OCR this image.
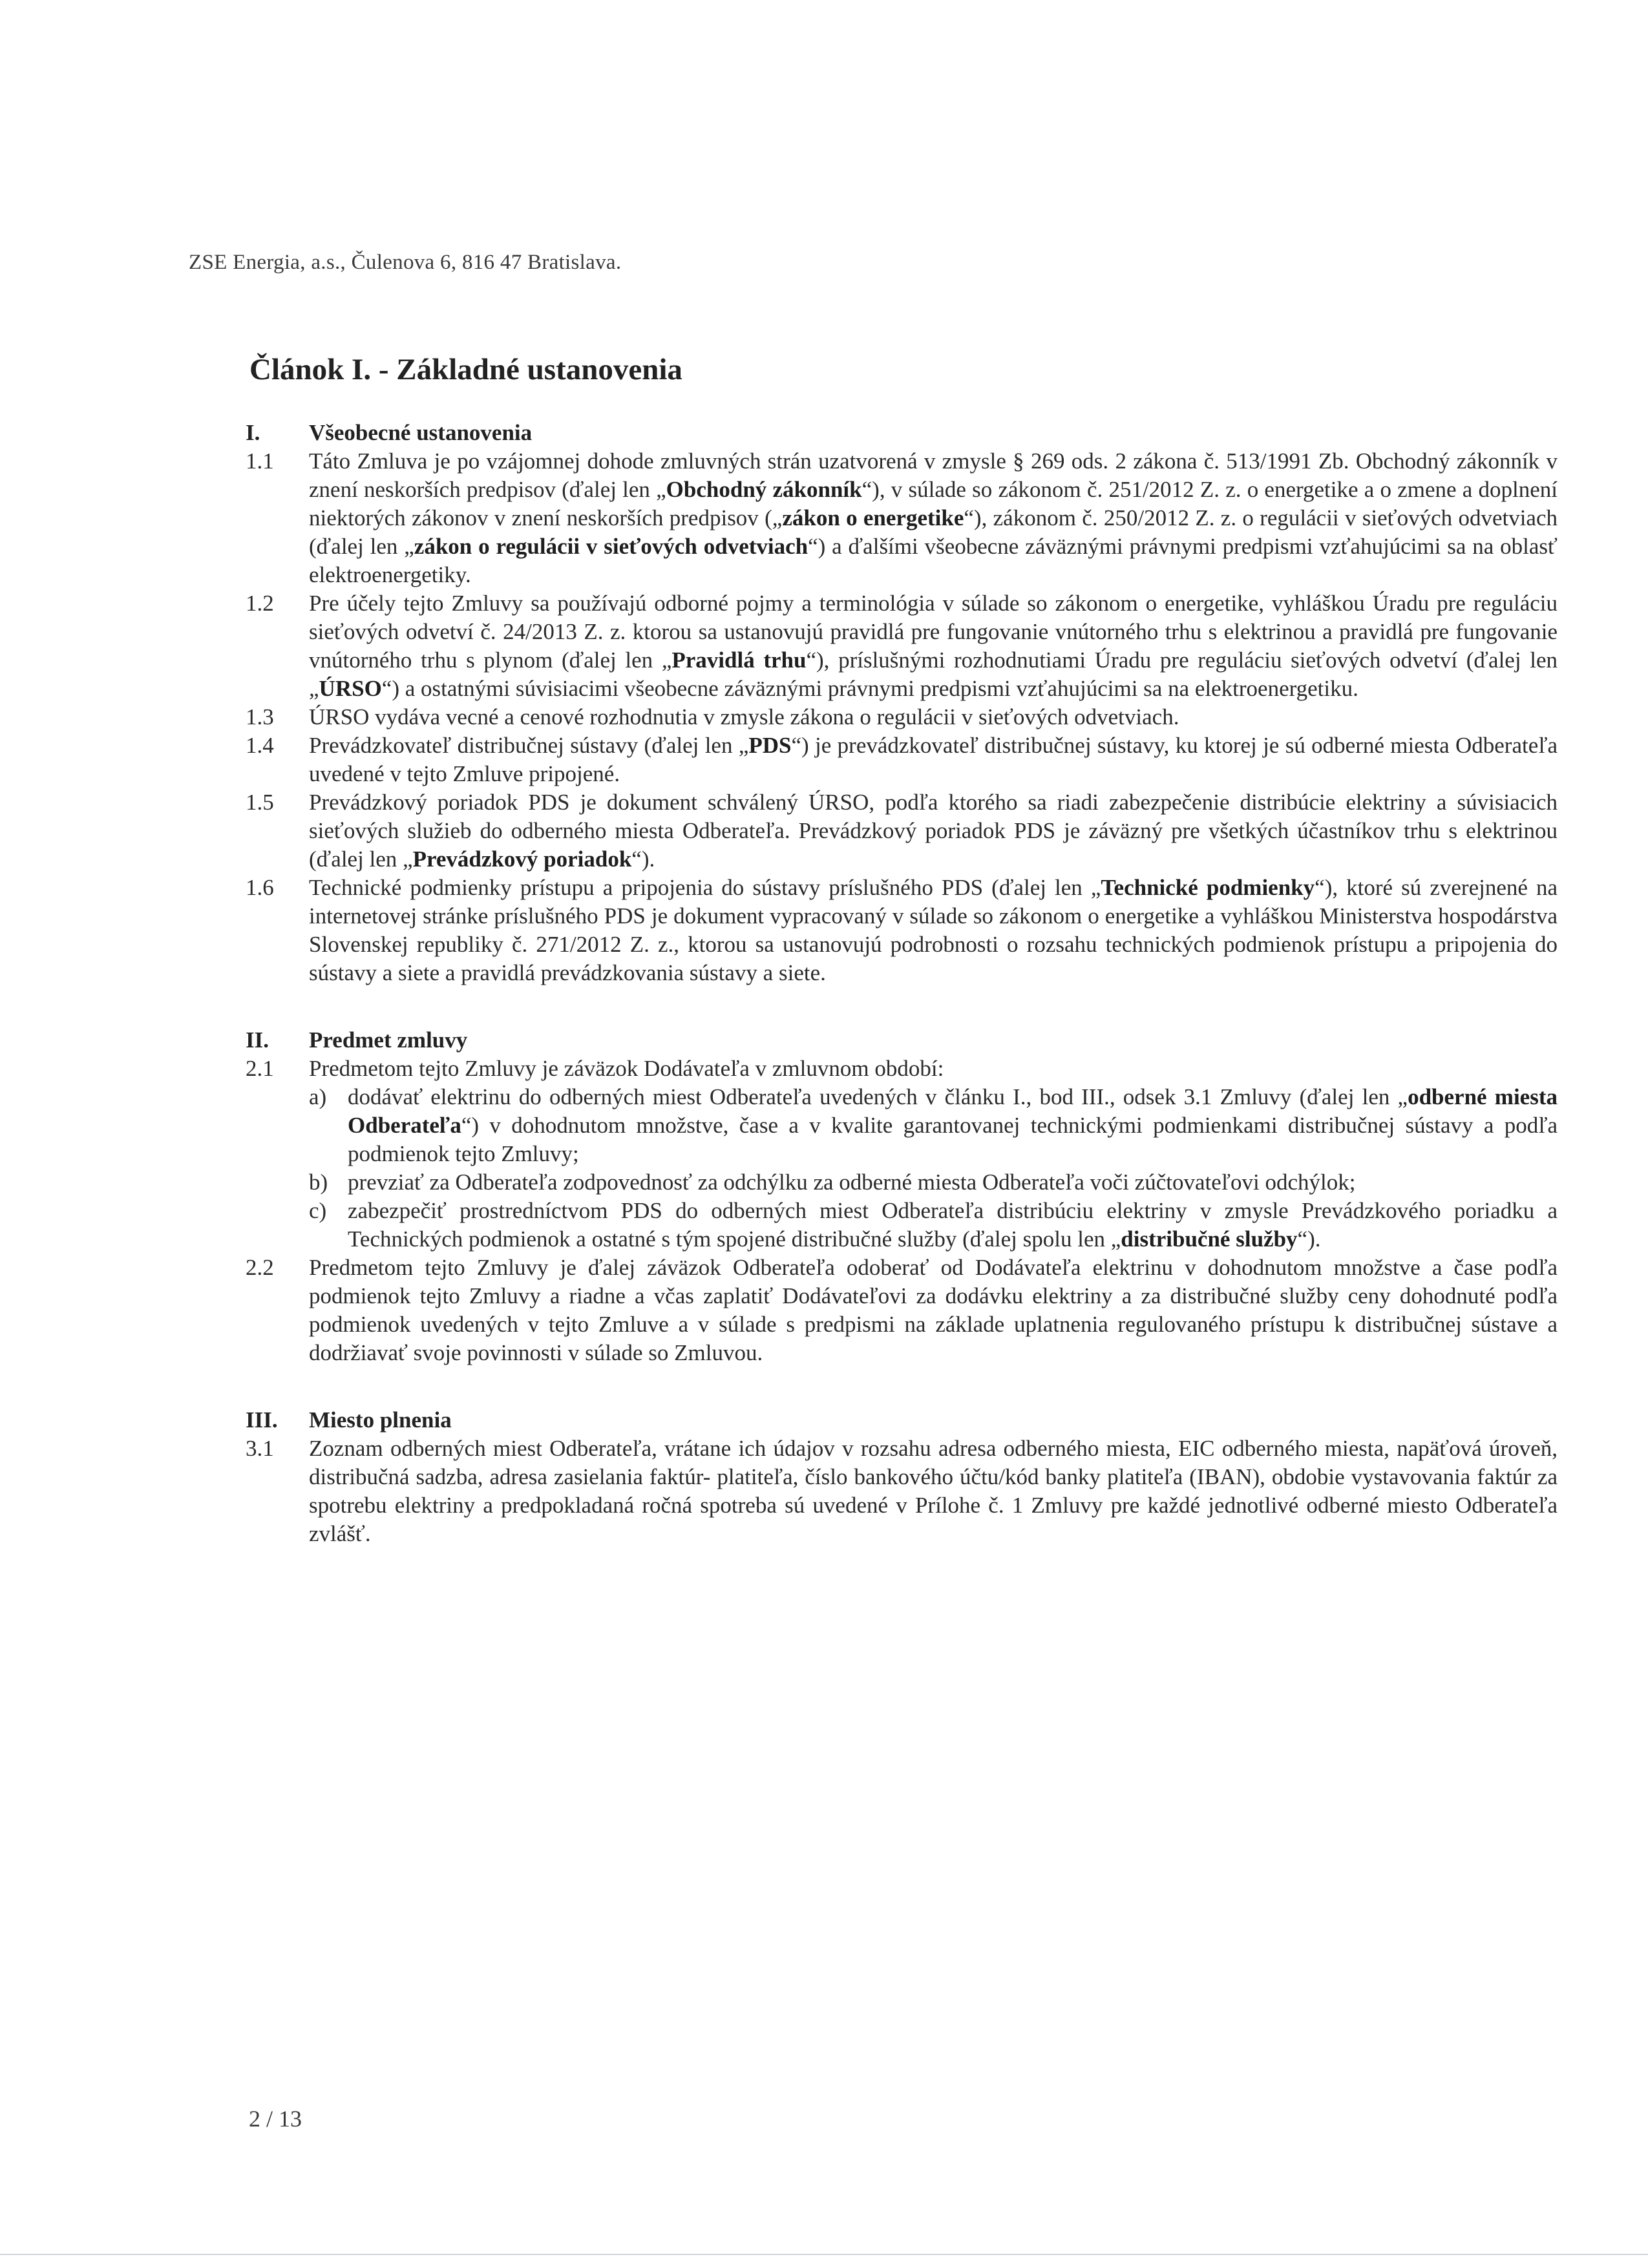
ZSE Energia, a.s., Čulenova 6, 816 47 Bratislava.
Článok I. - Základné ustanovenia
I.	Všeobecné ustanovenia
1.1	Táto Zmluva je po vzájomnej dohode zmluvných strán uzatvorená v zmysle § 269 ods. 2 zákona č. 513/1991 Zb. Obchodný zákonník v znení neskorších predpisov (ďalej len „Obchodný zákonník“), v súlade so zákonom č. 251/2012 Z. z. o energetike a o zmene a doplnení niektorých zákonov v znení neskorších predpisov („zákon o energetike“), zákonom č. 250/2012 Z. z. o regulácii v sieťových odvetviach (ďalej len „zákon o regulácii v sieťových odvetviach“) a ďalšími všeobecne záväznými právnymi predpismi vzťahujúcimi sa na oblasť elektroenergetiky.
1.2	Pre účely tejto Zmluvy sa používajú odborné pojmy a terminológia v súlade so zákonom o energetike, vyhláškou Úradu pre reguláciu sieťových odvetví č. 24/2013 Z. z. ktorou sa ustanovujú pravidlá pre fungovanie vnútorného trhu s elektrinou a pravidlá pre fungovanie vnútorného trhu s plynom (ďalej len „Pravidlá trhu“), príslušnými rozhodnutiami Úradu pre reguláciu sieťových odvetví (ďalej len „ÚRSO“) a ostatnými súvisiacimi všeobecne záväznými právnymi predpismi vzťahujúcimi sa na elektroenergetiku.
1.3	ÚRSO vydáva vecné a cenové rozhodnutia v zmysle zákona o regulácii v sieťových odvetviach.
1.4	Prevádzkovateľ distribučnej sústavy (ďalej len „PDS“) je prevádzkovateľ distribučnej sústavy, ku ktorej je sú odberné miesta Odberateľa uvedené v tejto Zmluve pripojené.
1.5	Prevádzkový poriadok PDS je dokument schválený ÚRSO, podľa ktorého sa riadi zabezpečenie distribúcie elektriny a súvisiacich sieťových služieb do odberného miesta Odberateľa. Prevádzkový poriadok PDS je záväzný pre všetkých účastníkov trhu s elektrinou (ďalej len „Prevádzkový poriadok“).
1.6	Technické podmienky prístupu a pripojenia do sústavy príslušného PDS (ďalej len „Technické podmienky“), ktoré sú zverejnené na internetovej stránke príslušného PDS je dokument vypracovaný v súlade so zákonom o energetike a vyhláškou Ministerstva hospodárstva Slovenskej republiky č. 271/2012 Z. z., ktorou sa ustanovujú podrobnosti o rozsahu technických podmienok prístupu a pripojenia do sústavy a siete a pravidlá prevádzkovania sústavy a siete.
II.	Predmet zmluvy
2.1	Predmetom tejto Zmluvy je záväzok Dodávateľa v zmluvnom období:
a) dodávať elektrinu do odberných miest Odberateľa uvedených v článku I., bod III., odsek 3.1 Zmluvy (ďalej len „odberné miesta Odberateľa“) v dohodnutom množstve, čase a v kvalite garantovanej technickými podmienkami distribučnej sústavy a podľa podmienok tejto Zmluvy;
b) prevziať za Odberateľa zodpovednosť za odchýlku za odberné miesta Odberateľa voči zúčtovateľovi odchýlok;
c) zabezpečiť prostredníctvom PDS do odberných miest Odberateľa distribúciu elektriny v zmysle Prevádzkového poriadku a Technických podmienok a ostatné s tým spojené distribučné služby (ďalej spolu len „distribučné služby“).
2.2	Predmetom tejto Zmluvy je ďalej záväzok Odberateľa odoberať od Dodávateľa elektrinu v dohodnutom množstve a čase podľa podmienok tejto Zmluvy a riadne a včas zaplatiť Dodávateľovi za dodávku elektriny a za distribučné služby ceny dohodnuté podľa podmienok uvedených v tejto Zmluve a v súlade s predpismi na základe uplatnenia regulovaného prístupu k distribučnej sústave a dodržiavať svoje povinnosti v súlade so Zmluvou.
III.	Miesto plnenia
3.1	Zoznam odberných miest Odberateľa, vrátane ich údajov v rozsahu adresa odberného miesta, EIC odberného miesta, napäťová úroveň, distribučná sadzba, adresa zasielania faktúr- platiteľa, číslo bankového účtu/kód banky platiteľa (IBAN), obdobie vystavovania faktúr za spotrebu elektriny a predpokladaná ročná spotreba sú uvedené v Prílohe č. 1 Zmluvy pre každé jednotlivé odberné miesto Odberateľa zvlášť.
2 / 13
